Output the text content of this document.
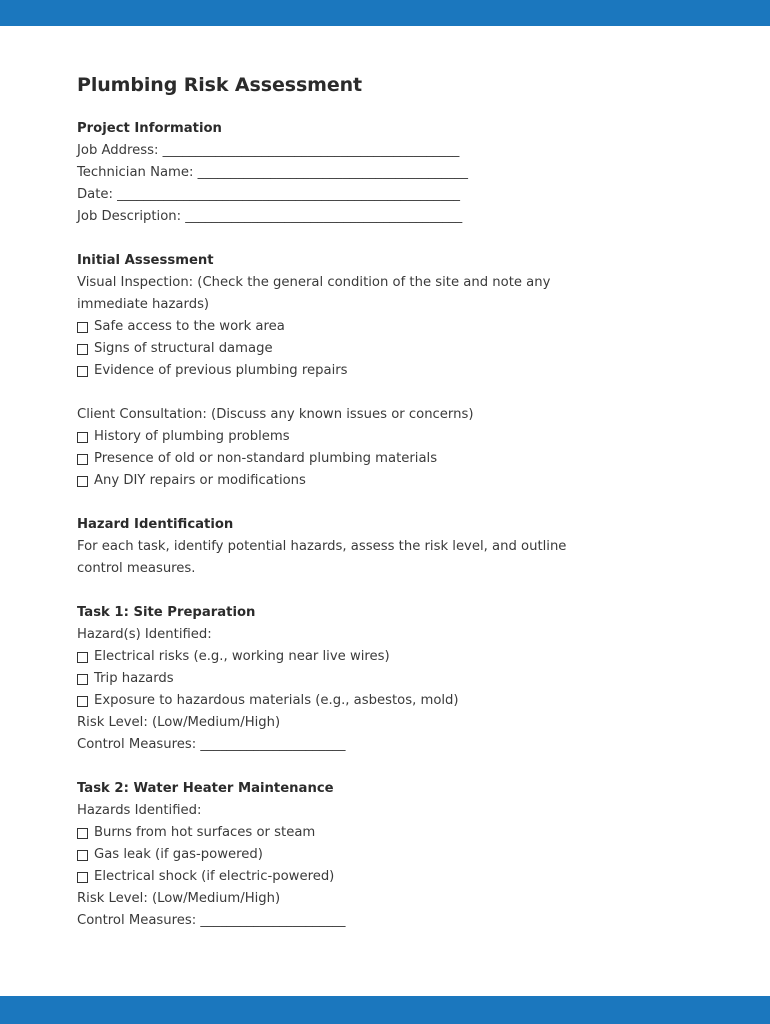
Plumbing Risk Assessment
Project Information
Job Address: _____________________________________________
Technician Name: _________________________________________
Date: ____________________________________________________
Job Description: __________________________________________
Initial Assessment
Visual Inspection: (Check the general condition of the site and note any immediate hazards)
Safe access to the work area
Signs of structural damage
Evidence of previous plumbing repairs
Client Consultation: (Discuss any known issues or concerns)
History of plumbing problems
Presence of old or non-standard plumbing materials
Any DIY repairs or modifications
Hazard Identification
For each task, identify potential hazards, assess the risk level, and outline control measures.
Task 1: Site Preparation
Hazard(s) Identified:
Electrical risks (e.g., working near live wires)
Trip hazards
Exposure to hazardous materials (e.g., asbestos, mold)
Risk Level: (Low/Medium/High)
Control Measures: ______________________
Task 2: Water Heater Maintenance
Hazards Identified:
Burns from hot surfaces or steam
Gas leak (if gas-powered)
Electrical shock (if electric-powered)
Risk Level: (Low/Medium/High)
Control Measures: ______________________
